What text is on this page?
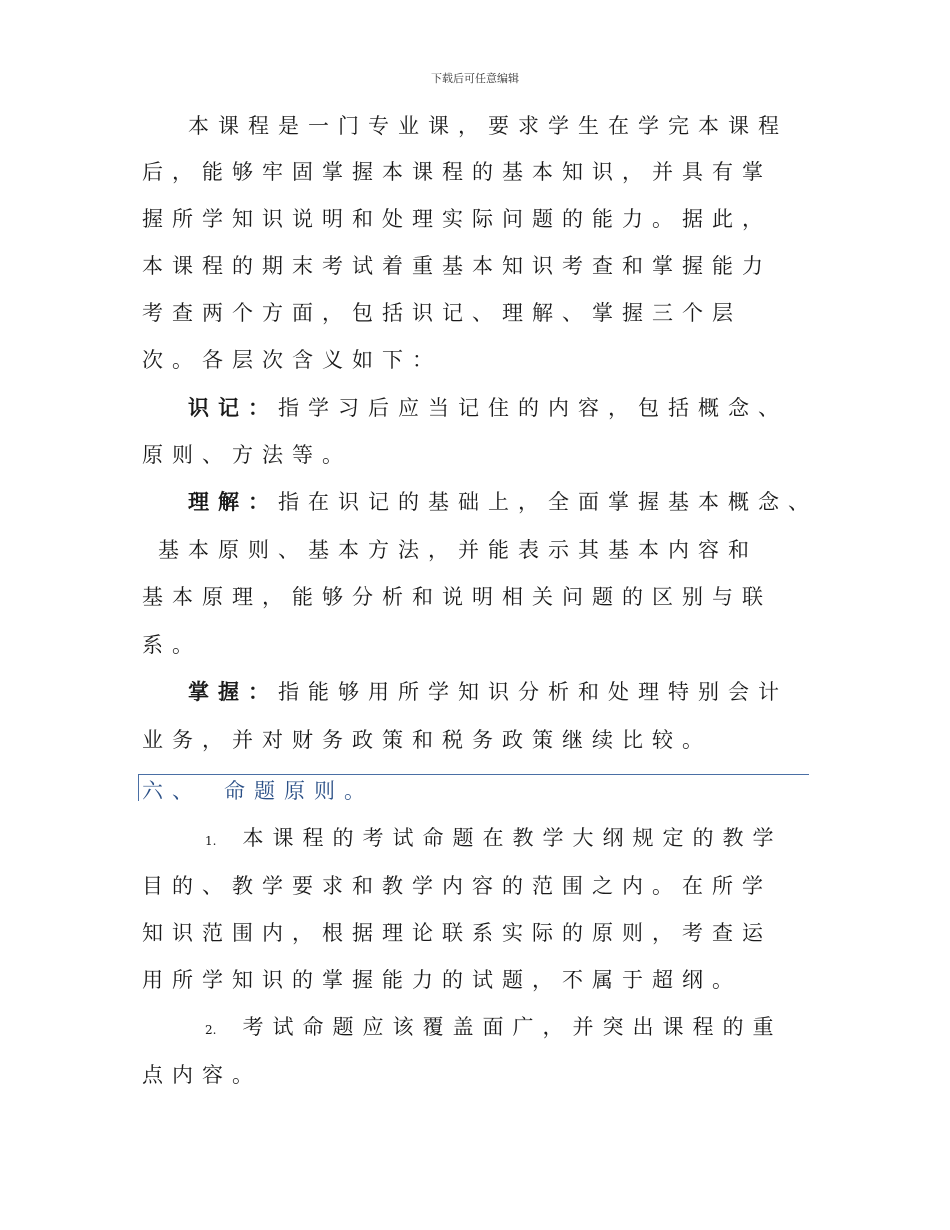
下载后可任意编辑
本课程是一门专业课，要求学生在学完本课程
后，能够牢固掌握本课程的基本知识，并具有掌
握所学知识说明和处理实际问题的能力。据此，
本课程的期末考试着重基本知识考查和掌握能力
考查两个方面，包括识记、理解、掌握三个层
次。各层次含义如下：
识记：指学习后应当记住的内容，包括概念、
原则、方法等。
理解：指在识记的基础上，全面掌握基本概念、
基本原则、基本方法，并能表示其基本内容和
基本原理，能够分析和说明相关问题的区别与联
系。
掌握：指能够用所学知识分析和处理特别会计
业务，并对财务政策和税务政策继续比较。
六、 命题原则。
1. 本课程的考试命题在教学大纲规定的教学
目的、教学要求和教学内容的范围之内。在所学
知识范围内，根据理论联系实际的原则，考查运
用所学知识的掌握能力的试题，不属于超纲。
2. 考试命题应该覆盖面广，并突出课程的重
点内容。
